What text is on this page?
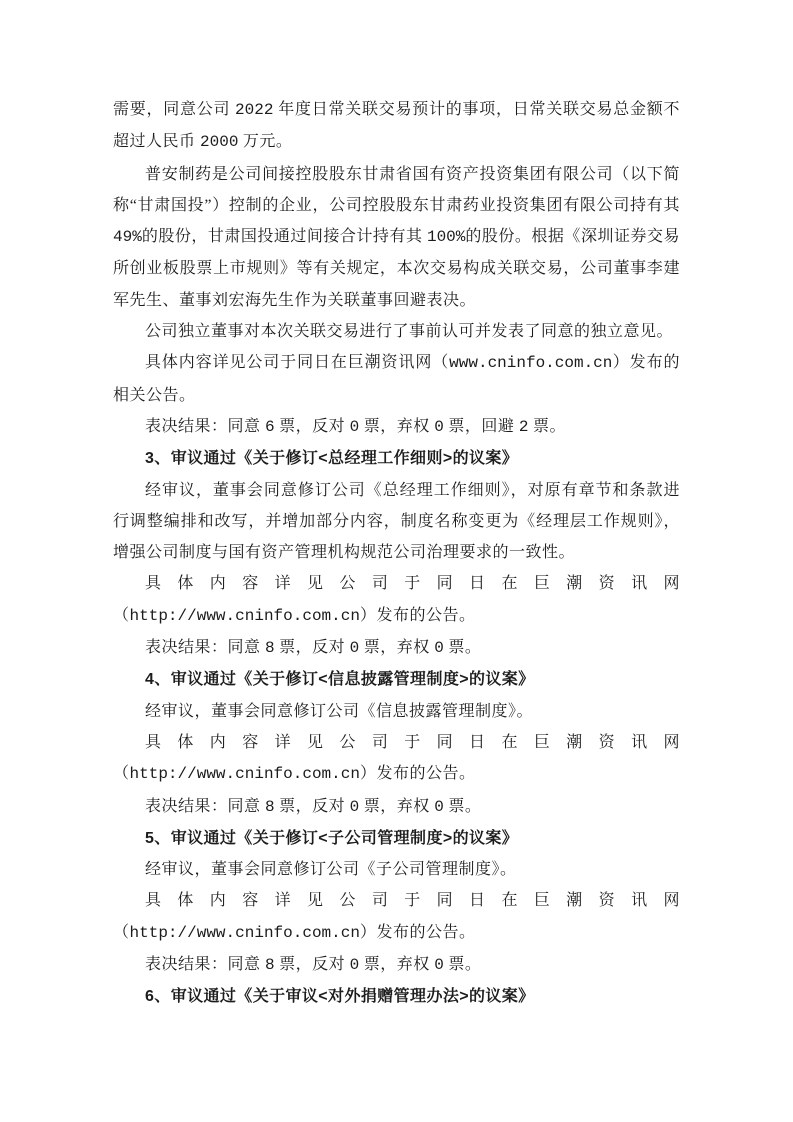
需要，同意公司 2022 年度日常关联交易预计的事项，日常关联交易总金额不超过人民币 2000 万元。

普安制药是公司间接控股股东甘肃省国有资产投资集团有限公司（以下简称“甘肃国投”）控制的企业，公司控股股东甘肃药业投资集团有限公司持有其 49%的股份，甘肃国投通过间接合计持有其 100%的股份。根据《深圳证券交易所创业板股票上市规则》等有关规定，本次交易构成关联交易，公司董事李建军先生、董事刘宏海先生作为关联董事回避表决。

公司独立董事对本次关联交易进行了事前认可并发表了同意的独立意见。

具体内容详见公司于同日在巨潮资讯网（www.cninfo.com.cn）发布的相关公告。

表决结果：同意 6 票，反对 0 票，弃权 0 票，回避 2 票。

3、审议通过《关于修订<总经理工作细则>的议案》

经审议，董事会同意修订公司《总经理工作细则》，对原有章节和条款进行调整编排和改写，并增加部分内容，制度名称变更为《经理层工作规则》，增强公司制度与国有资产管理机构规范公司治理要求的一致性。

具体内容详见公司于同日在巨潮资讯网（http://www.cninfo.com.cn）发布的公告。

表决结果：同意 8 票，反对 0 票，弃权 0 票。

4、审议通过《关于修订<信息披露管理制度>的议案》

经审议，董事会同意修订公司《信息披露管理制度》。

具体内容详见公司于同日在巨潮资讯网（http://www.cninfo.com.cn）发布的公告。

表决结果：同意 8 票，反对 0 票，弃权 0 票。

5、审议通过《关于修订<子公司管理制度>的议案》

经审议，董事会同意修订公司《子公司管理制度》。

具体内容详见公司于同日在巨潮资讯网（http://www.cninfo.com.cn）发布的公告。

表决结果：同意 8 票，反对 0 票，弃权 0 票。

6、审议通过《关于审议<对外捐赠管理办法>的议案》
